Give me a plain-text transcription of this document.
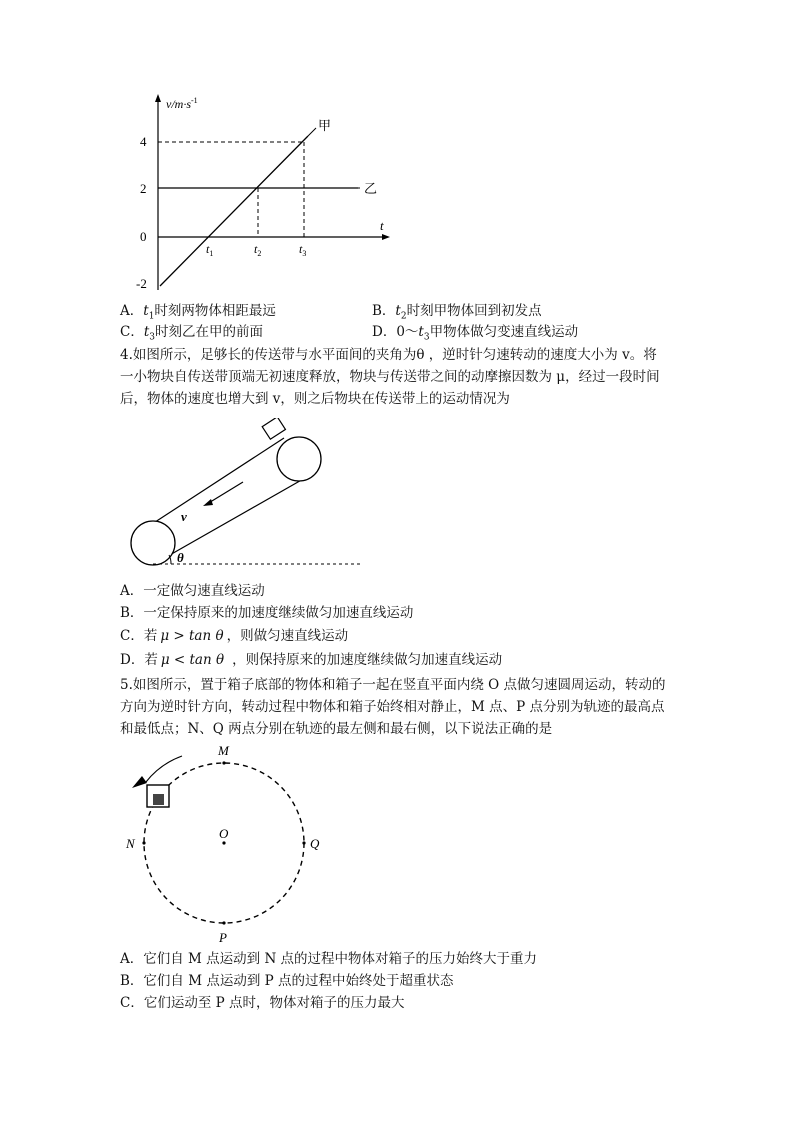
$v/m\cdot s^{-1}$
t
4
2
0
-2
乙
甲
$t_1$	$t_2$	$t_3$
A．$t_1$时刻两物体相距最远	B．$t_2$时刻甲物体回到初发点
C．$t_3$时刻乙在甲的前面	D．$0\sim t_3$甲物体做匀变速直线运动
4.如图所示，足够长的传送带与水平面间的夹角为θ ，逆时针匀速转动的速度大小为 v。将
一小物块自传送带顶端无初速度释放，物块与传送带之间的动摩擦因数为 μ，经过一段时间
后，物体的速度也增大到 v，则之后物块在传送带上的运动情况为
v
θ
A．一定做匀速直线运动
B．一定保持原来的加速度继续做匀加速直线运动
C．若 μ > tan θ ，则做匀速直线运动
D．若 μ < tan θ ，则保持原来的加速度继续做匀加速直线运动
5.如图所示，置于箱子底部的物体和箱子一起在竖直平面内绕 O 点做匀速圆周运动，转动的
方向为逆时针方向，转动过程中物体和箱子始终相对静止，M 点、P 点分别为轨迹的最高点
和最低点；N、Q 两点分别在轨迹的最左侧和最右侧，以下说法正确的是
O
M
N	Q
P
A．它们自 M 点运动到 N 点的过程中物体对箱子的压力始终大于重力
B．它们自 M 点运动到 P 点的过程中始终处于超重状态
C．它们运动至 P 点时，物体对箱子的压力最大
